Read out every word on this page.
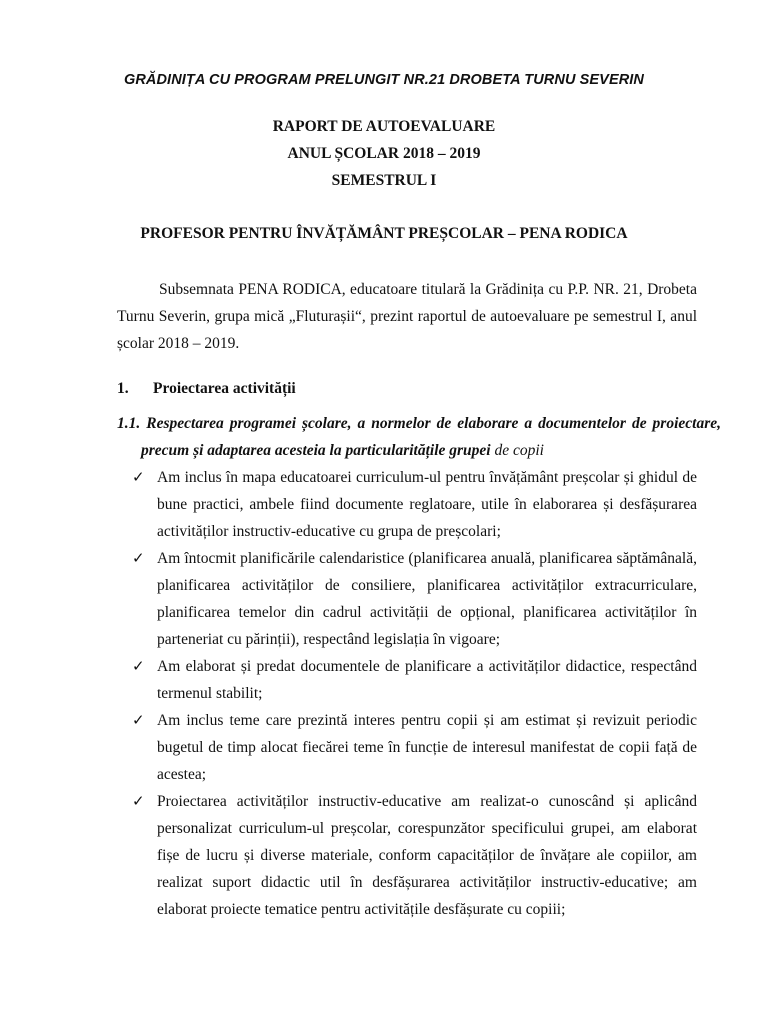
GRĂDINIȚA CU PROGRAM PRELUNGIT NR.21 DROBETA TURNU SEVERIN
RAPORT DE AUTOEVALUARE
ANUL ȘCOLAR 2018 – 2019
SEMESTRUL I
PROFESOR PENTRU ÎNVĂȚĂMÂNT PREȘCOLAR – PENA RODICA
Subsemnata PENA RODICA, educatoare titulară la Grădinița cu P.P. NR. 21, Drobeta Turnu Severin, grupa mică „Fluturașii“, prezint raportul de autoevaluare pe semestrul I, anul școlar 2018 – 2019.
1. Proiectarea activității
1.1. Respectarea programei școlare, a normelor de elaborare a documentelor de proiectare, precum și adaptarea acesteia la particularitățile grupei de copii
✓ Am inclus în mapa educatoarei curriculum-ul pentru învățământ preșcolar și ghidul de bune practici, ambele fiind documente reglatoare, utile în elaborarea și desfășurarea activităților instructiv-educative cu grupa de preșcolari;
✓ Am întocmit planificările calendaristice (planificarea anuală, planificarea săptămânală, planificarea activităților de consiliere, planificarea activităților extracurriculare, planificarea temelor din cadrul activității de opțional, planificarea activităților în parteneriat cu părinții), respectând legislația în vigoare;
✓ Am elaborat și predat documentele de planificare a activităților didactice, respectând termenul stabilit;
✓ Am inclus teme care prezintă interes pentru copii și am estimat și revizuit periodic bugetul de timp alocat fiecărei teme în funcție de interesul manifestat de copii față de acestea;
✓ Proiectarea activităților instructiv-educative am realizat-o cunoscând și aplicând personalizat curriculum-ul preșcolar, corespunzător specificului grupei, am elaborat fișe de lucru și diverse materiale, conform capacităților de învățare ale copiilor, am realizat suport didactic util în desfășurarea activităților instructiv-educative; am elaborat proiecte tematice pentru activitățile desfășurate cu copiii;
